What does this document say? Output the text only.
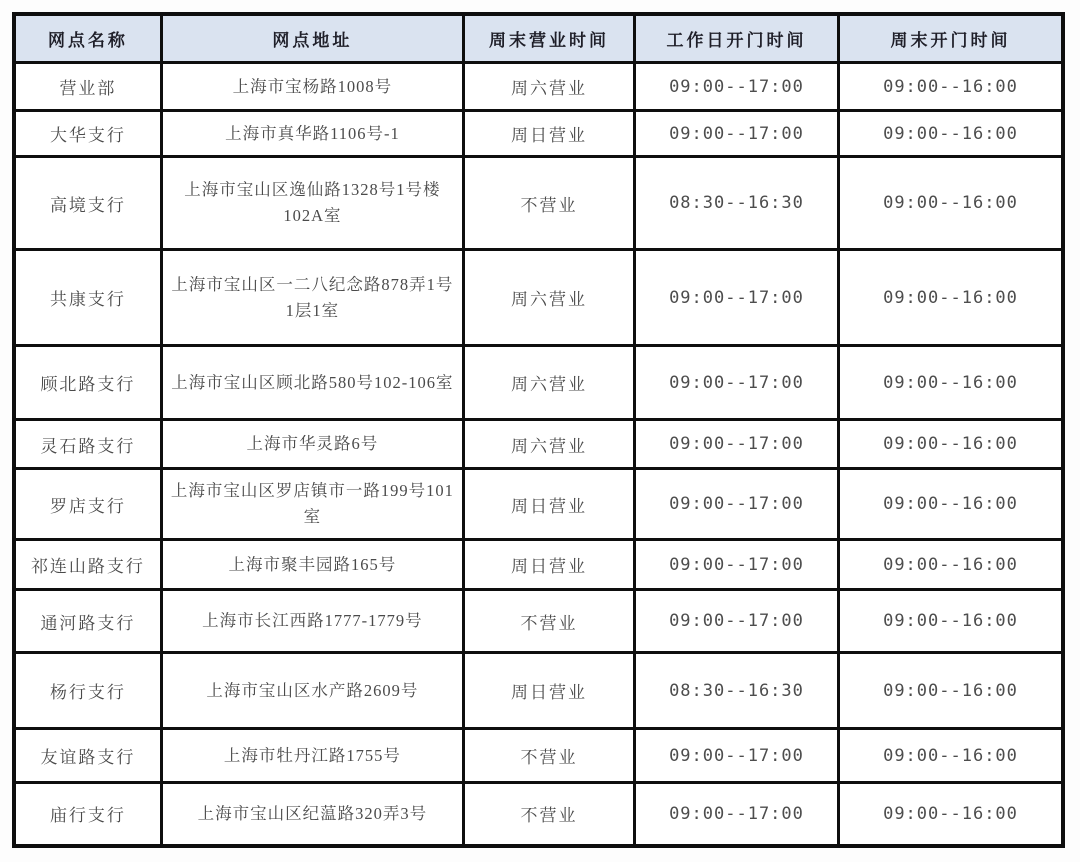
网点名称	网点地址	周末营业时间	工作日开门时间	周末开门时间
营业部	上海市宝杨路1008号	周六营业	09:00--17:00	09:00--16:00
大华支行	上海市真华路1106号-1	周日营业	09:00--17:00	09:00--16:00
高境支行	上海市宝山区逸仙路1328号1号楼102A室	不营业	08:30--16:30	09:00--16:00
共康支行	上海市宝山区一二八纪念路878弄1号1层1室	周六营业	09:00--17:00	09:00--16:00
顾北路支行	上海市宝山区顾北路580号102-106室	周六营业	09:00--17:00	09:00--16:00
灵石路支行	上海市华灵路6号	周六营业	09:00--17:00	09:00--16:00
罗店支行	上海市宝山区罗店镇市一路199号101室	周日营业	09:00--17:00	09:00--16:00
祁连山路支行	上海市聚丰园路165号	周日营业	09:00--17:00	09:00--16:00
通河路支行	上海市长江西路1777-1779号	不营业	09:00--17:00	09:00--16:00
杨行支行	上海市宝山区水产路2609号	周日营业	08:30--16:30	09:00--16:00
友谊路支行	上海市牡丹江路1755号	不营业	09:00--17:00	09:00--16:00
庙行支行	上海市宝山区纪蕰路320弄3号	不营业	09:00--17:00	09:00--16:00
